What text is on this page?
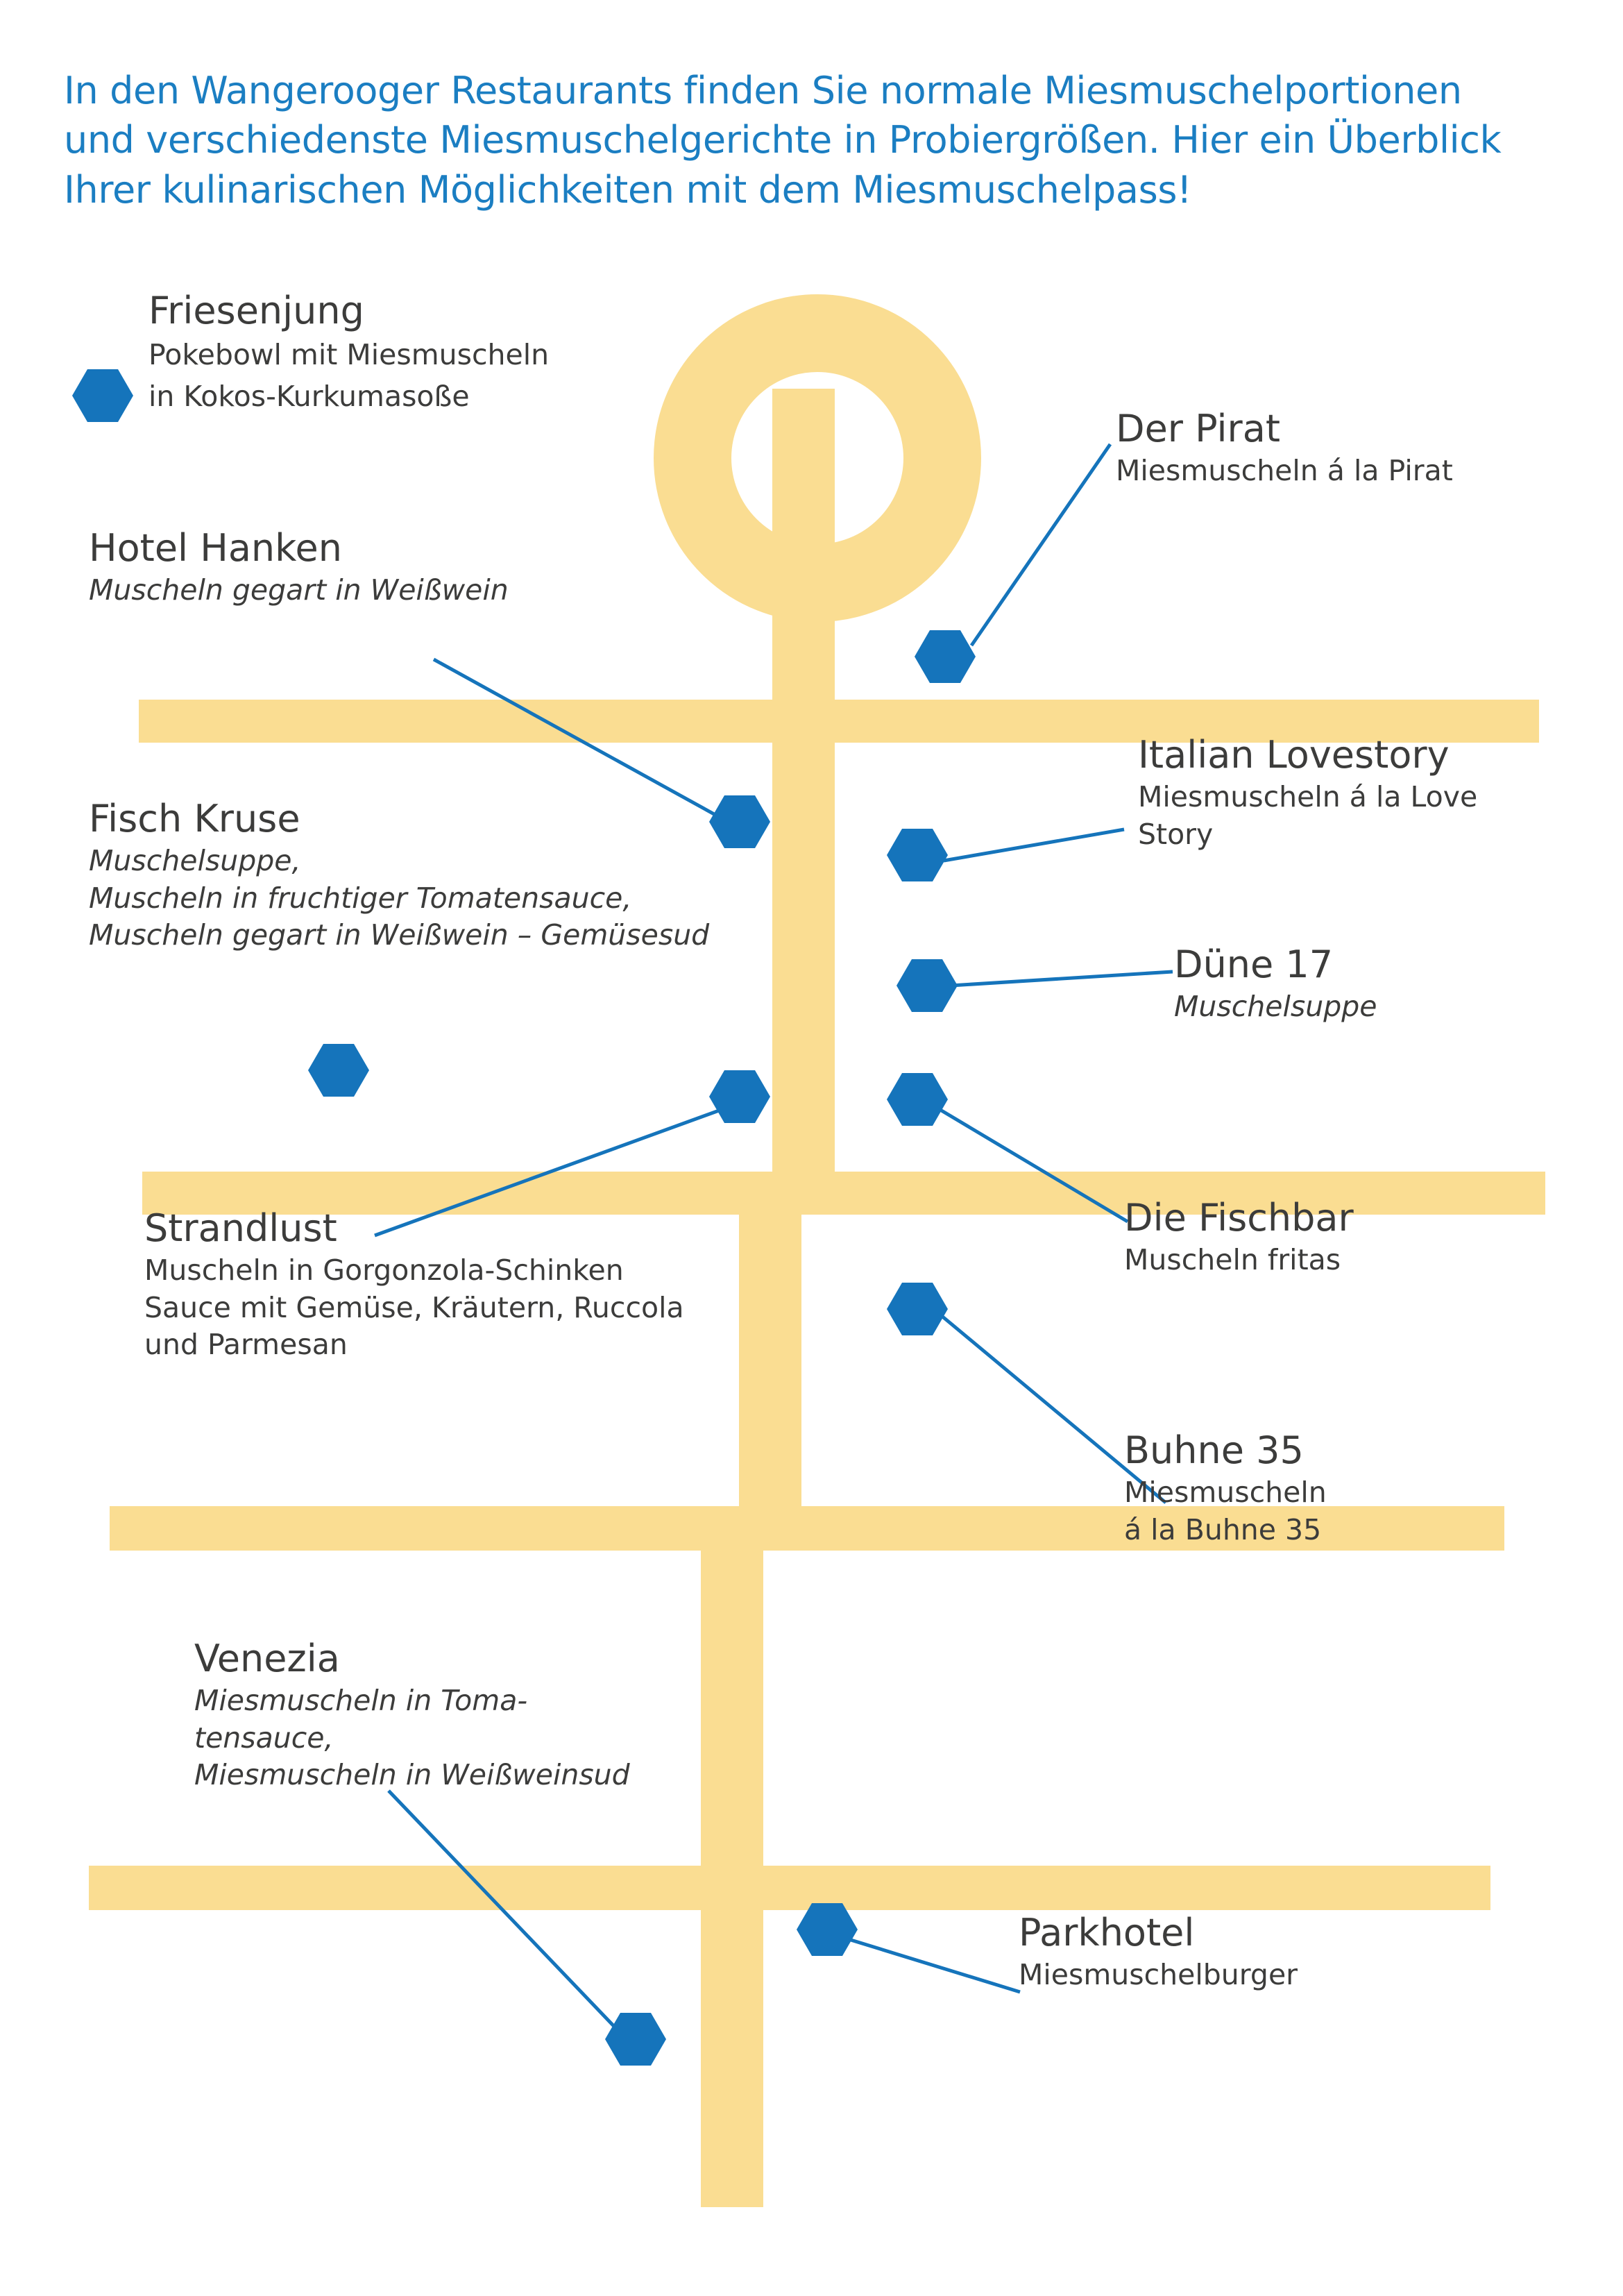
In den Wangerooger Restaurants finden Sie normale Miesmuschelportionen und verschiedenste Miesmuschelgerichte in Probiergrößen. Hier ein Überblick Ihrer kulinarischen Möglichkeiten mit dem Miesmuschelpass!
Friesenjung
Pokebowl mit Miesmuscheln
in Kokos-Kurkumasoße
Hotel Hanken
Muscheln gegart in Weißwein
Der Pirat
Miesmuscheln á la Pirat
Italian Lovestory
Miesmuscheln á la Love
Story
Fisch Kruse
Muschelsuppe,
Muscheln in fruchtiger Tomatensauce,
Muscheln gegart in Weißwein – Gemüsesud
Düne 17
Muschelsuppe
Strandlust
Muscheln in Gorgonzola-Schinken
Sauce mit Gemüse, Kräutern, Ruccola
und Parmesan
Die Fischbar
Muscheln fritas
Buhne 35
Miesmuscheln
á la Buhne 35
Venezia
Miesmuscheln in Toma-
tensauce,
Miesmuscheln in Weißweinsud
Parkhotel
Miesmuschelburger
